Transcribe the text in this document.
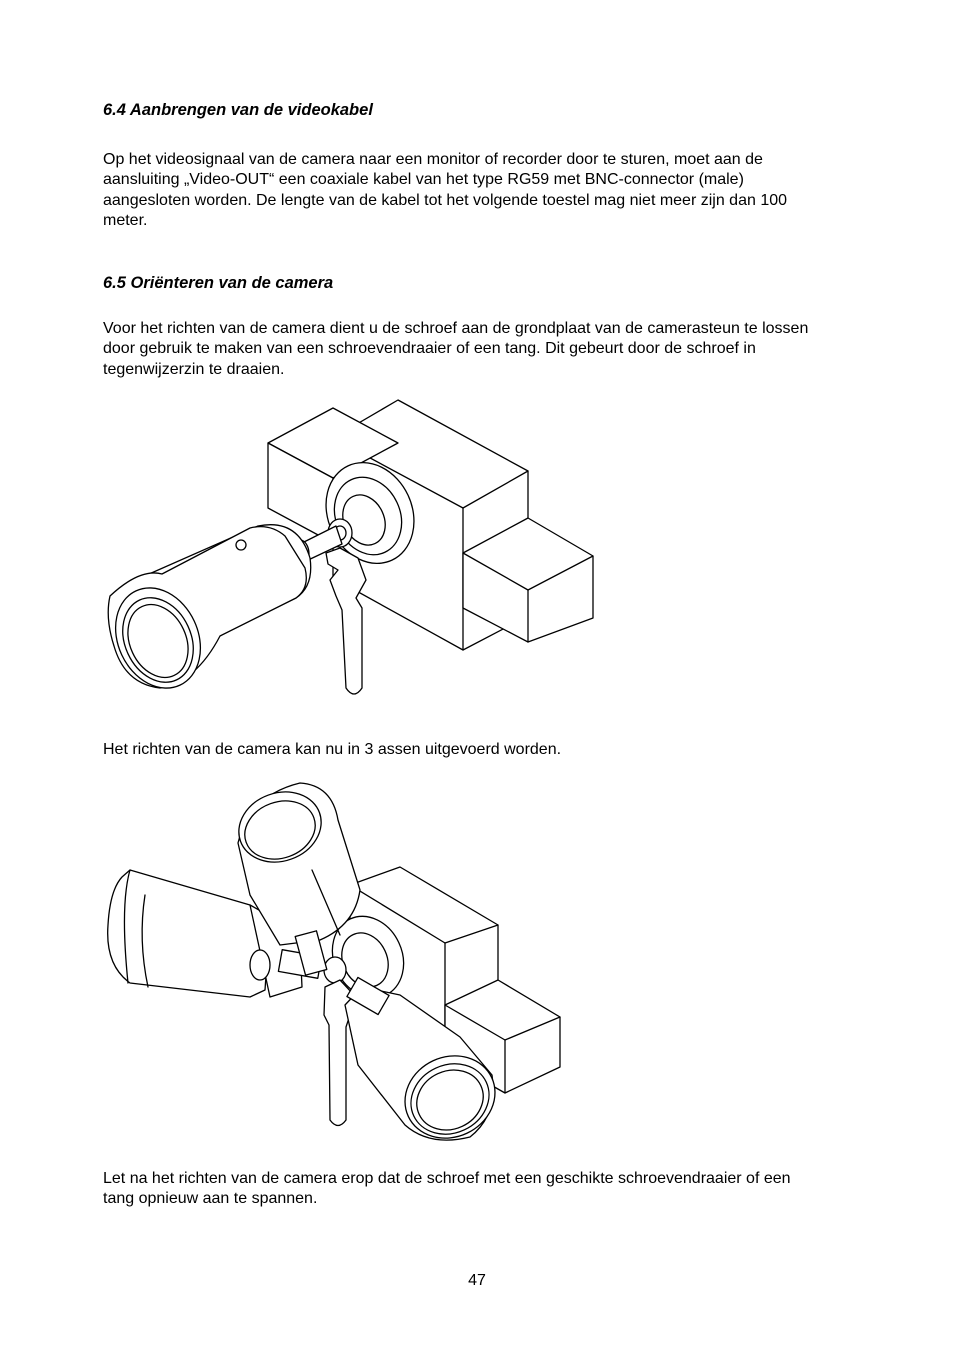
6.4 Aanbrengen van de videokabel
Op het videosignaal van de camera naar een monitor of recorder door te sturen, moet aan de
aansluiting „Video-OUT“ een coaxiale kabel van het type RG59 met BNC-connector (male)
aangesloten worden. De lengte van de kabel tot het volgende toestel mag niet meer zijn dan 100
meter.
6.5 Oriënteren van de camera
Voor het richten van de camera dient u de schroef aan de grondplaat van de camerasteun te lossen
door gebruik te maken van een schroevendraaier of een tang. Dit gebeurt door de schroef in
tegenwijzerzin te draaien.
Het richten van de camera kan nu in 3 assen uitgevoerd worden.
Let na het richten van de camera erop dat de schroef met een geschikte schroevendraaier of een
tang opnieuw aan te spannen.
47
